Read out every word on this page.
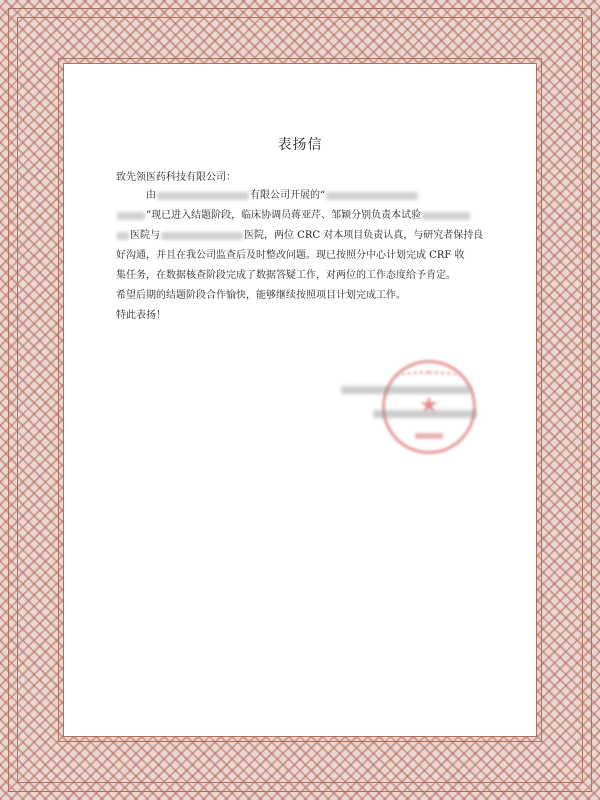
表扬信
致先领医药科技有限公司：
由	有限公司开展的“
”现已进入结题阶段，临床协调员蒋亚芹、邹颖分别负责本试验
医院与	医院，两位 CRC 对本项目负责认真，与研究者保持良
好沟通，并且在我公司监查后及时整改问题。现已按照分中心计划完成 CRF 收
集任务，在数据核查阶段完成了数据答疑工作，对两位的工作态度给予肯定。
希望后期的结题阶段合作愉快，能够继续按照项目计划完成工作。
特此表扬！
★
